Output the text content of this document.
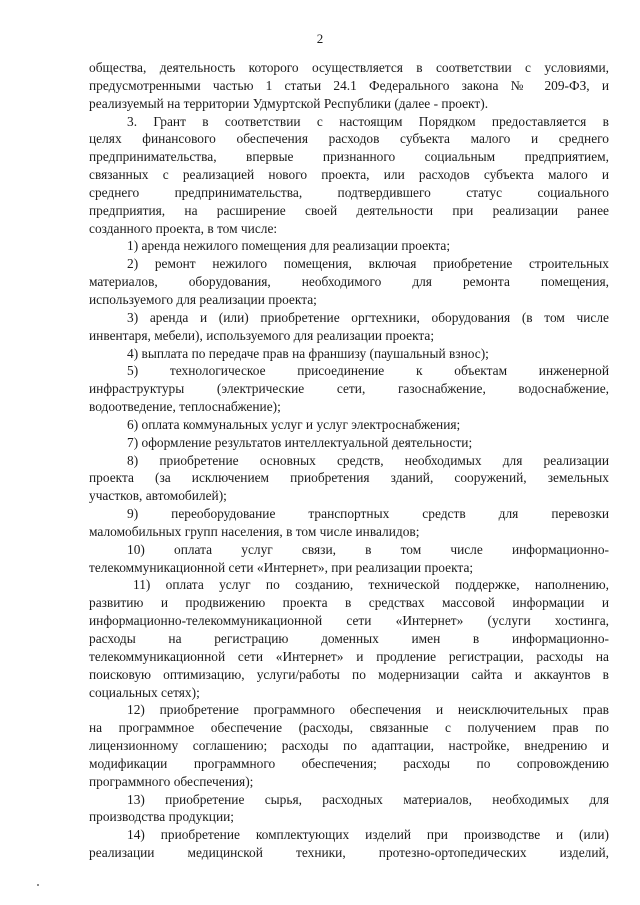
2
общества, деятельность которого осуществляется в соответствии с условиями,
предусмотренными частью 1 статьи 24.1 Федерального закона № 209-ФЗ, и
реализуемый на территории Удмуртской Республики (далее - проект).
3. Грант в соответствии с настоящим Порядком предоставляется в
целях финансового обеспечения расходов субъекта малого и среднего
предпринимательства, впервые признанного социальным предприятием,
связанных с реализацией нового проекта, или расходов субъекта малого и
среднего предпринимательства, подтвердившего статус социального
предприятия, на расширение своей деятельности при реализации ранее
созданного проекта, в том числе:
1) аренда нежилого помещения для реализации проекта;
2) ремонт нежилого помещения, включая приобретение строительных
материалов, оборудования, необходимого для ремонта помещения,
используемого для реализации проекта;
3) аренда и (или) приобретение оргтехники, оборудования (в том числе
инвентаря, мебели), используемого для реализации проекта;
4) выплата по передаче прав на франшизу (паушальный взнос);
5) технологическое присоединение к объектам инженерной
инфраструктуры (электрические сети, газоснабжение, водоснабжение,
водоотведение, теплоснабжение);
6) оплата коммунальных услуг и услуг электроснабжения;
7) оформление результатов интеллектуальной деятельности;
8) приобретение основных средств, необходимых для реализации
проекта (за исключением приобретения зданий, сооружений, земельных
участков, автомобилей);
9) переоборудование транспортных средств для перевозки
маломобильных групп населения, в том числе инвалидов;
10) оплата услуг связи, в том числе информационно-
телекоммуникационной сети «Интернет», при реализации проекта;
11) оплата услуг по созданию, технической поддержке, наполнению,
развитию и продвижению проекта в средствах массовой информации и
информационно-телекоммуникационной сети «Интернет» (услуги хостинга,
расходы на регистрацию доменных имен в информационно-
телекоммуникационной сети «Интернет» и продление регистрации, расходы на
поисковую оптимизацию, услуги/работы по модернизации сайта и аккаунтов в
социальных сетях);
12) приобретение программного обеспечения и неисключительных прав
на программное обеспечение (расходы, связанные с получением прав по
лицензионному соглашению; расходы по адаптации, настройке, внедрению и
модификации программного обеспечения; расходы по сопровождению
программного обеспечения);
13) приобретение сырья, расходных материалов, необходимых для
производства продукции;
14) приобретение комплектующих изделий при производстве и (или)
реализации медицинской техники, протезно-ортопедических изделий,
